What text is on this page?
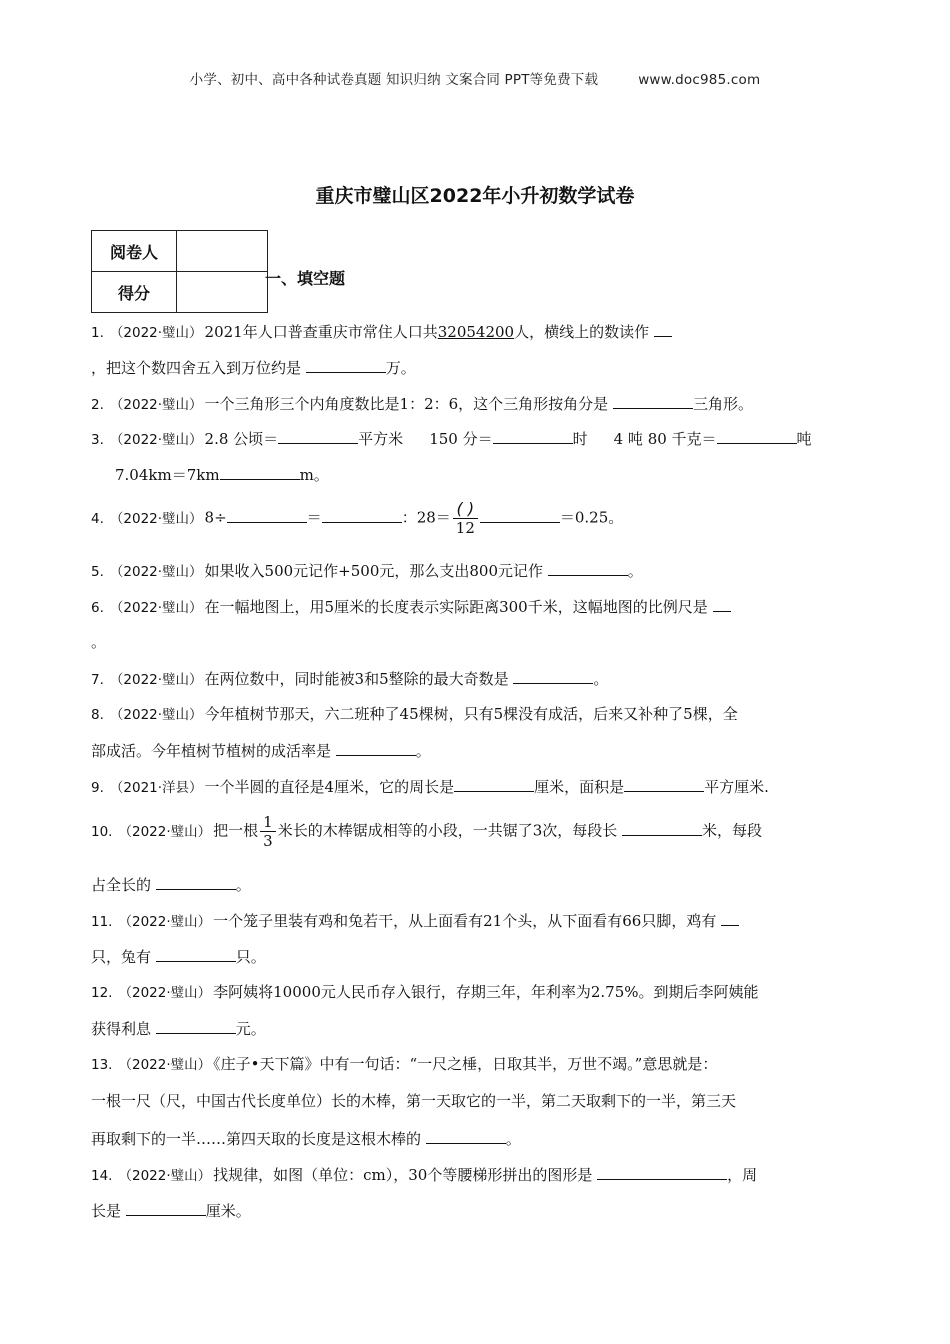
小学、初中、高中各种试卷真题 知识归纳 文案合同 PPT等免费下载	www.doc985.com
重庆市璧山区2022年小升初数学试卷
阅卷人	
得分	
一、填空题
1. （2022·璧山） 2021年人口普查重庆市常住人口共32054200人，横线上的数读作
，把这个数四舍五入到万位约是	万。
2. （2022·璧山） 一个三角形三个内角度数比是1：2：6，这个三角形按角分是	三角形。
3. （2022·璧山） 2.8 公顷＝	平方米 150 分＝	时 4 吨 80 千克＝	吨
7.04km＝7km	m。
4. （2022·璧山） 8÷	＝	：$28= \frac{( )}{12}$	＝0.25。
5. （2022·璧山） 如果收入500元记作+500元，那么支出800元记作	。
6. （2022·璧山） 在一幅地图上，用5厘米的长度表示实际距离300千米，这幅地图的比例尺是
。
7. （2022·璧山） 在两位数中，同时能被3和5整除的最大奇数是	。
8. （2022·璧山） 今年植树节那天，六二班种了45棵树，只有5棵没有成活，后来又补种了5棵，全
部成活。今年植树节植树的成活率是	。
9. （2021·洋县） 一个半圆的直径是4厘米，它的周长是	厘米，面积是	平方厘米.
10. （2022·璧山） 把一根 $\frac{1}{3}$ 米长的木棒锯成相等的小段，一共锯了3次，每段长	米，每段
占全长的	。
11. （2022·璧山） 一个笼子里装有鸡和兔若干，从上面看有21个头，从下面看有66只脚，鸡有
只，兔有	只。
12. （2022·璧山） 李阿姨将10000元人民币存入银行，存期三年，年利率为2.75%。到期后李阿姨能
获得利息	元。
13. （2022·璧山） 《庄子•天下篇》中有一句话：“一尺之棰，日取其半，万世不竭。”意思就是：
一根一尺（尺，中国古代长度单位）长的木棒，第一天取它的一半，第二天取剩下的一半，第三天
再取剩下的一半……第四天取的长度是这根木棒的	。
14. （2022·璧山） 找规律，如图（单位：cm），30个等腰梯形拼出的图形是	，周
长是	厘米。
